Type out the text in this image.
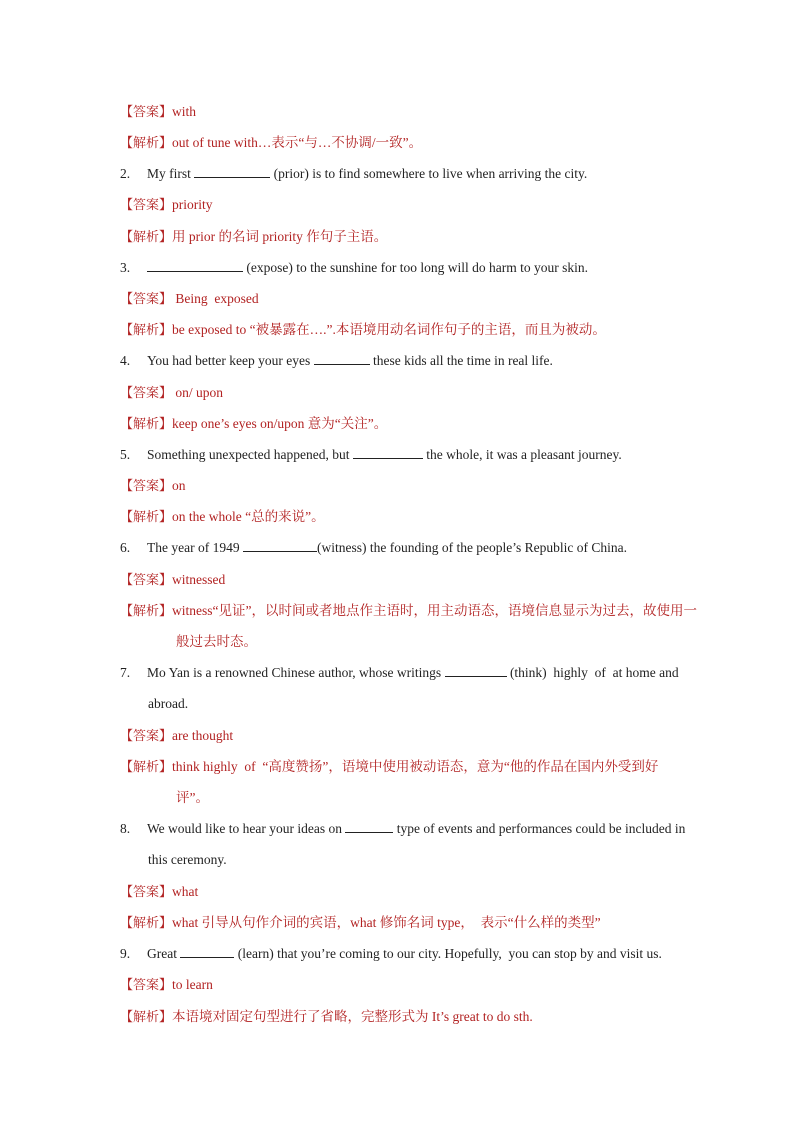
【答案】with
【解析】out of tune with…表示“与…不协调/一致”。
2. My first	(prior) is to find somewhere to live when arriving the city.
【答案】priority
【解析】用 prior 的名词 priority 作句子主语。
3.	(expose) to the sunshine for too long will do harm to your skin.
【答案】 Being  exposed
【解析】be exposed to “被暴露在….”.本语境用动名词作句子的主语，而且为被动。
4. You had better keep your eyes	these kids all the time in real life.
【答案】 on/ upon
【解析】keep one’s eyes on/upon 意为“关注”。
5. Something unexpected happened, but	the whole, it was a pleasant journey.
【答案】on
【解析】on the whole “总的来说”。
6. The year of 1949	(witness) the founding of the people’s Republic of China.
【答案】witnessed
【解析】witness“见证”，以时间或者地点作主语时，用主动语态，语境信息显示为过去，故使用一
般过去时态。
7. Mo Yan is a renowned Chinese author, whose writings	(think)  highly  of  at home and
abroad.
【答案】are thought
【解析】think highly  of  “高度赞扬”，语境中使用被动语态，意为“他的作品在国内外受到好
评”。
8. We would like to hear your ideas on	type of events and performances could be included in
this ceremony.
【答案】what
【解析】what 引导从句作介词的宾语，what 修饰名词 type，  表示“什么样的类型”
9. Great	(learn) that you’re coming to our city. Hopefully,  you can stop by and visit us.
【答案】to learn
【解析】本语境对固定句型进行了省略，完整形式为 It’s great to do sth.
